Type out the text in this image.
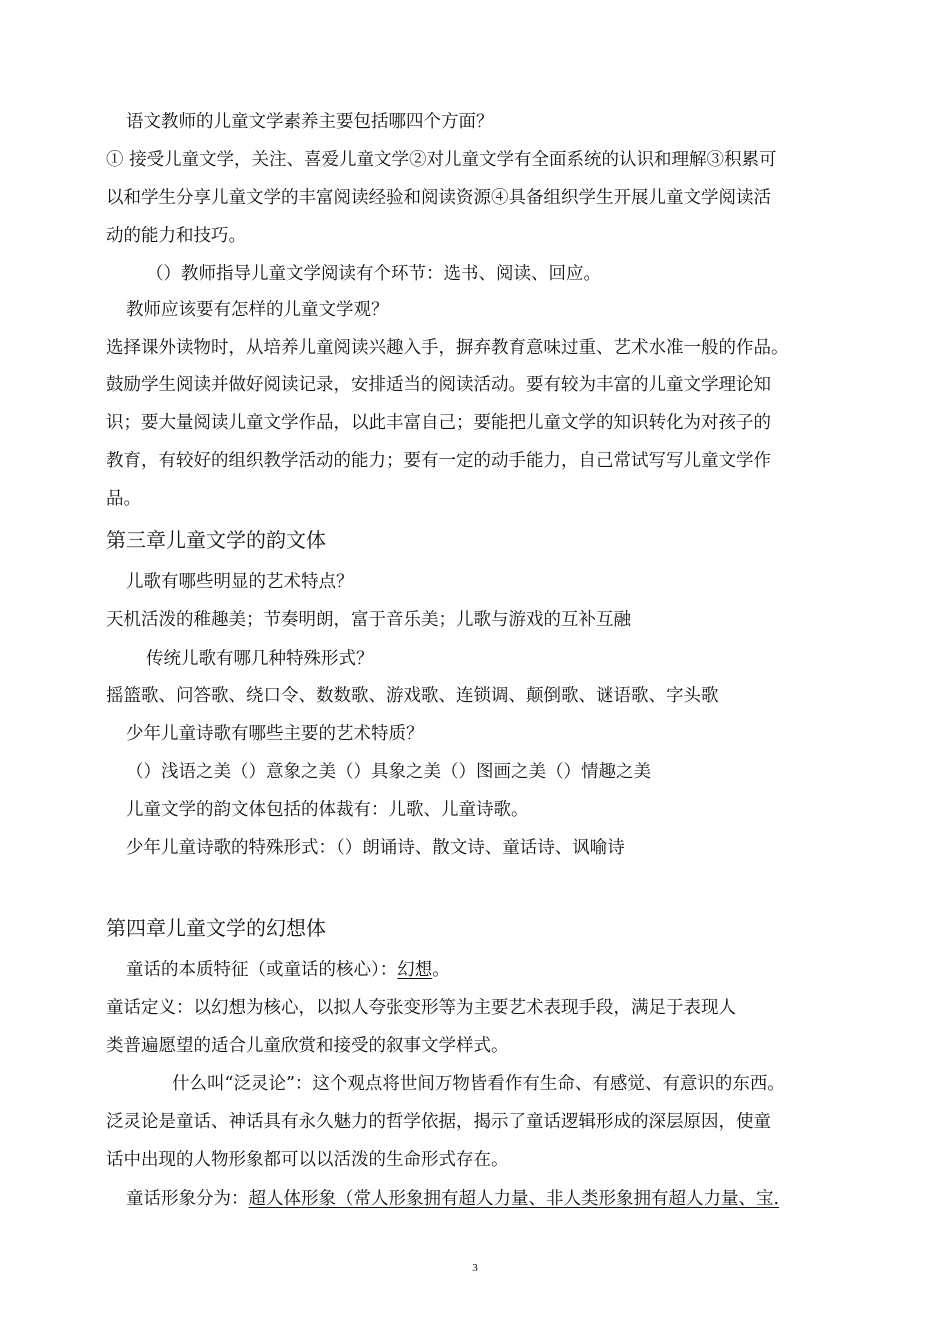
语文教师的儿童文学素养主要包括哪四个方面？
① 接受儿童文学，关注、喜爱儿童文学②对儿童文学有全面系统的认识和理解③积累可
以和学生分享儿童文学的丰富阅读经验和阅读资源④具备组织学生开展儿童文学阅读活
动的能力和技巧。
（）教师指导儿童文学阅读有个环节：选书、阅读、回应。
教师应该要有怎样的儿童文学观？
选择课外读物时，从培养儿童阅读兴趣入手，摒弃教育意味过重、艺术水准一般的作品。
鼓励学生阅读并做好阅读记录，安排适当的阅读活动。要有较为丰富的儿童文学理论知
识；要大量阅读儿童文学作品，以此丰富自己；要能把儿童文学的知识转化为对孩子的
教育，有较好的组织教学活动的能力；要有一定的动手能力，自己常试写写儿童文学作
品。
第三章儿童文学的韵文体
儿歌有哪些明显的艺术特点？
天机活泼的稚趣美；节奏明朗，富于音乐美；儿歌与游戏的互补互融
传统儿歌有哪几种特殊形式？
摇篮歌、问答歌、绕口令、数数歌、游戏歌、连锁调、颠倒歌、谜语歌、字头歌
少年儿童诗歌有哪些主要的艺术特质？
（）浅语之美（）意象之美（）具象之美（）图画之美（）情趣之美
儿童文学的韵文体包括的体裁有：儿歌、儿童诗歌。
少年儿童诗歌的特殊形式：（）朗诵诗、散文诗、童话诗、讽喻诗
第四章儿童文学的幻想体
童话的本质特征（或童话的核心）：幻想。
童话定义：以幻想为核心，以拟人夸张变形等为主要艺术表现手段，满足于表现人
类普遍愿望的适合儿童欣赏和接受的叙事文学样式。
什么叫“泛灵论”：这个观点将世间万物皆看作有生命、有感觉、有意识的东西。
泛灵论是童话、神话具有永久魅力的哲学依据，揭示了童话逻辑形成的深层原因，使童
话中出现的人物形象都可以以活泼的生命形式存在。
童话形象分为：超人体形象（常人形象拥有超人力量、非人类形象拥有超人力量、宝.
3
